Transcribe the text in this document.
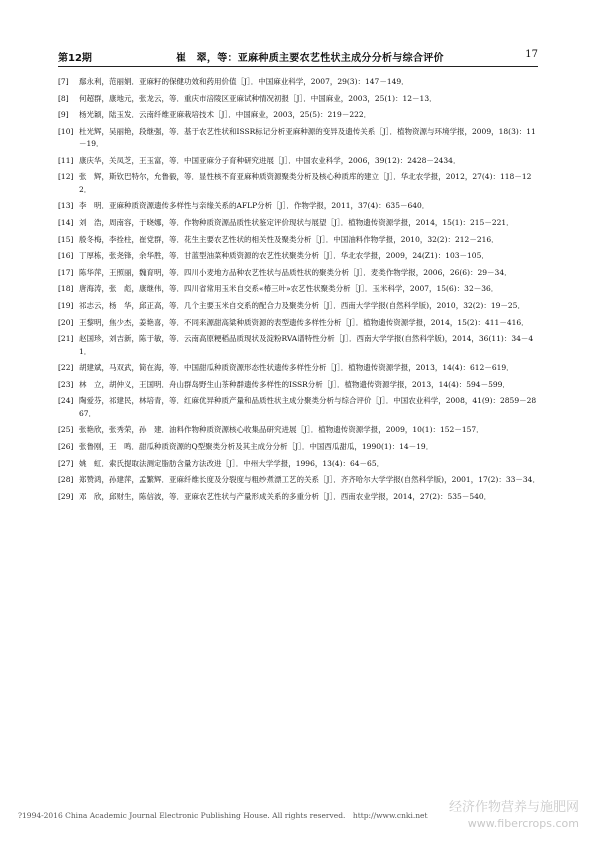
第12期	崔　翠，等：亚麻种质主要农艺性状主成分分析与综合评价	17
[7]	鄢永利，范丽娟．亚麻籽的保健功效和药用价值［J］．中国麻业科学，2007，29(3)：147－149．
[8]	何超群，康地元，张龙云，等．重庆市涪陵区亚麻试种情况初报［J］．中国麻业，2003，25(1)：12－13．
[9]	杨光颖，陆玉发．云南纤维亚麻栽培技术［J］．中国麻业，2003，25(5)：219－222．
[10] 杜光辉，吴丽艳，段继强，等．基于农艺性状和ISSR标记分析亚麻种源的变异及遗传关系［J］．植物资源与环境学报，2009，18(3)：11－19．
[11] 康庆华，关凤芝，王玉富，等．中国亚麻分子育种研究进展［J］．中国农业科学，2006，39(12)：2428－2434．
[12] 张　辉，斯钦巴特尔，允鲁毅，等．显性核不育亚麻种质资源聚类分析及核心种质库的建立［J］．华北农学报，2012，27(4)：118－122．
[13] 李　明．亚麻种质资源遗传多样性与亲缘关系的AFLP分析［J］．作物学报，2011，37(4)：635－640．
[14] 刘　浩，周南容，于晓娜，等．作物种质资源品质性状鉴定评价现状与展望［J］．植物遗传资源学报，2014，15(1)：215－221．
[15] 殷冬梅，李拴柱，崔党群，等．花生主要农艺性状的相关性及聚类分析［J］．中国油料作物学报，2010，32(2)：212－216．
[16] 丁厚栋，张尧锋，余华胜，等．甘蓝型油菜种质资源的农艺性状聚类分析［J］．华北农学报，2009，24(Z1)：103－105．
[17] 陈华萍，王照丽，魏育明，等．四川小麦地方品种农艺性状与品质性状的聚类分析［J］．麦类作物学报，2006，26(6)：29－34．
[18] 唐海涛，张　彪，康继伟，等．四川省常用玉米自交系«椿三叶»农艺性状聚类分析［J］．玉米科学，2007，15(6)：32－36．
[19] 祁志云，杨　华，邱正高，等．几个主要玉米自交系的配合力及聚类分析［J］．西南大学学报(自然科学版)，2010，32(2)：19－25．
[20] 王黎明，焦少杰，姜艳喜，等．不同来源甜高粱种质资源的表型遗传多样性分析［J］．植物遗传资源学报，2014，15(2)：411－416．
[21] 赵国珍，刘吉新，陈于敏，等．云南高原粳稻品质现状及淀粉RVA谱特性分析［J］．西南大学学报(自然科学版)，2014，36(11)：34－41．
[22] 胡建斌，马双武，简在海，等．中国甜瓜种质资源形态性状遗传多样性分析［J］．植物遗传资源学报，2013，14(4)：612－619．
[23] 林　立，胡仲义，王国明．舟山群岛野生山茶种群遗传多样性的ISSR分析［J］．植物遗传资源学报，2013，14(4)：594－599．
[24] 陶爱芬，祁建民，林培青，等．红麻优异种质产量和品质性状主成分聚类分析与综合评价［J］．中国农业科学，2008，41(9)：2859－2867．
[25] 张艳欣，张秀荣，孙　建．油料作物种质资源核心收集品研究进展［J］．植物遗传资源学报，2009，10(1)：152－157．
[26] 张鲁刚，王　鸣．甜瓜种质资源的Q型聚类分析及其主成分分析［J］．中国西瓜甜瓜，1990(1)：14－19．
[27] 姚　虹．索氏提取法测定脂肪含量方法改进［J］．中州大学学报，1996，13(4)：64－65．
[28] 郑赞鸿，孙建萍，孟繁辉．亚麻纤维长度及分裂度与粗纱煮漂工艺的关系［J］．齐齐哈尔大学学报(自然科学版)，2001，17(2)：33－34．
[29] 邓　欣，邱财生，陈信波，等．亚麻农艺性状与产量形成关系的多重分析［J］．西南农业学报，2014，27(2)：535－540．
经济作物营养与施肥网
www.fibercrops.com
?1994-2016 China Academic Journal Electronic Publishing House. All rights reserved.　http://www.cnki.net
